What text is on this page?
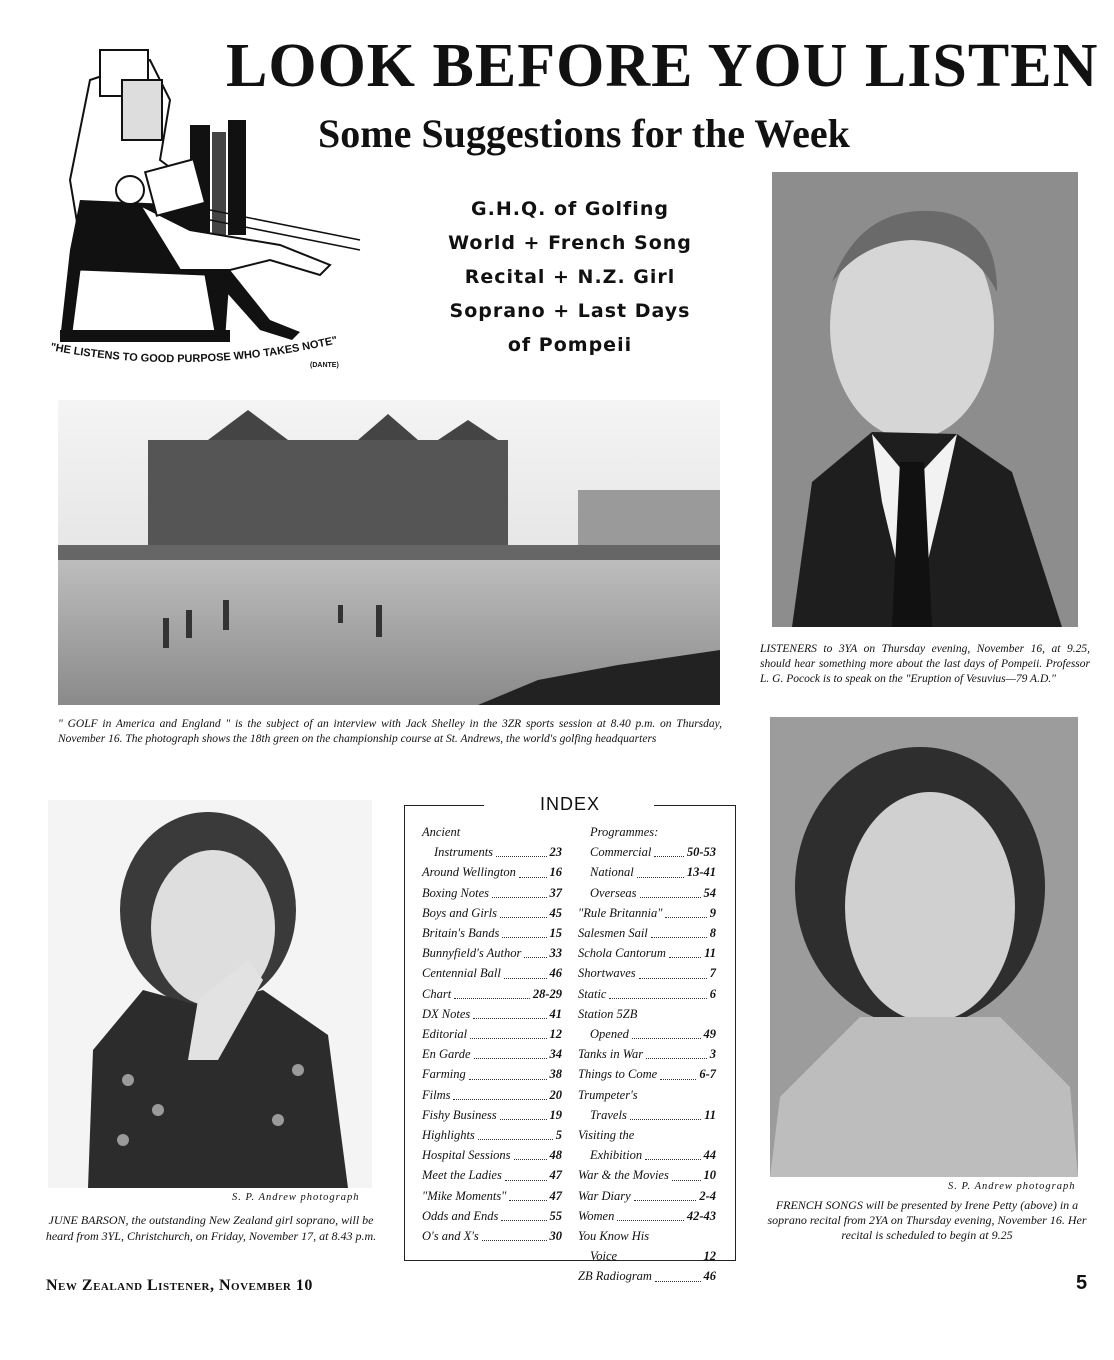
LOOK BEFORE YOU LISTEN
Some Suggestions for the Week
G.H.Q. of Golfing
World + French Song
Recital + N.Z. Girl
Soprano + Last Days
of Pompeii
"HE LISTENS TO GOOD PURPOSE WHO TAKES NOTE"
(DANTE)
" GOLF in America and England " is the subject of an interview with Jack Shelley in the 3ZR sports session at 8.40 p.m. on Thursday, November 16. The photograph shows the 18th green on the championship course at St. Andrews, the world's golfing headquarters
LISTENERS to 3YA on Thursday evening, November 16, at 9.25, should hear something more about the last days of Pompeii. Professor L. G. Pocock is to speak on the "Eruption of Vesuvius—79 A.D."
S. P. Andrew photograph
JUNE BARSON, the outstanding New Zealand girl soprano, will be heard from 3YL, Christchurch, on Friday, November 17, at 8.43 p.m.
S. P. Andrew photograph
FRENCH SONGS will be presented by Irene Petty (above) in a soprano recital from 2YA on Thursday evening, November 16. Her recital is scheduled to begin at 9.25
INDEX
Ancient
Instruments	23
Around Wellington	16
Boxing Notes	37
Boys and Girls	45
Britain's Bands	15
Bunnyfield's Author 33
Centennial Ball	46
Chart	28-29
DX Notes	41
Editorial	12
En Garde	34
Farming	38
Films	20
Fishy Business	19
Highlights	5
Hospital Sessions	48
Meet the Ladies	47
"Mike Moments"	47
Odds and Ends	55
O's and X's	30
Programmes:
Commercial	50-53
National	13-41
Overseas	54
"Rule Britannia"	9
Salesmen Sail	8
Schola Cantorum	11
Shortwaves	7
Static	6
Station 5ZB
Opened	49
Tanks in War	3
Things to Come	6-7
Trumpeter's
Travels	11
Visiting the
Exhibition	44
War & the Movies	10
War Diary	2-4
Women	42-43
You Know His
Voice	12
ZB Radiogram	46
New Zealand Listener, November 10	5
